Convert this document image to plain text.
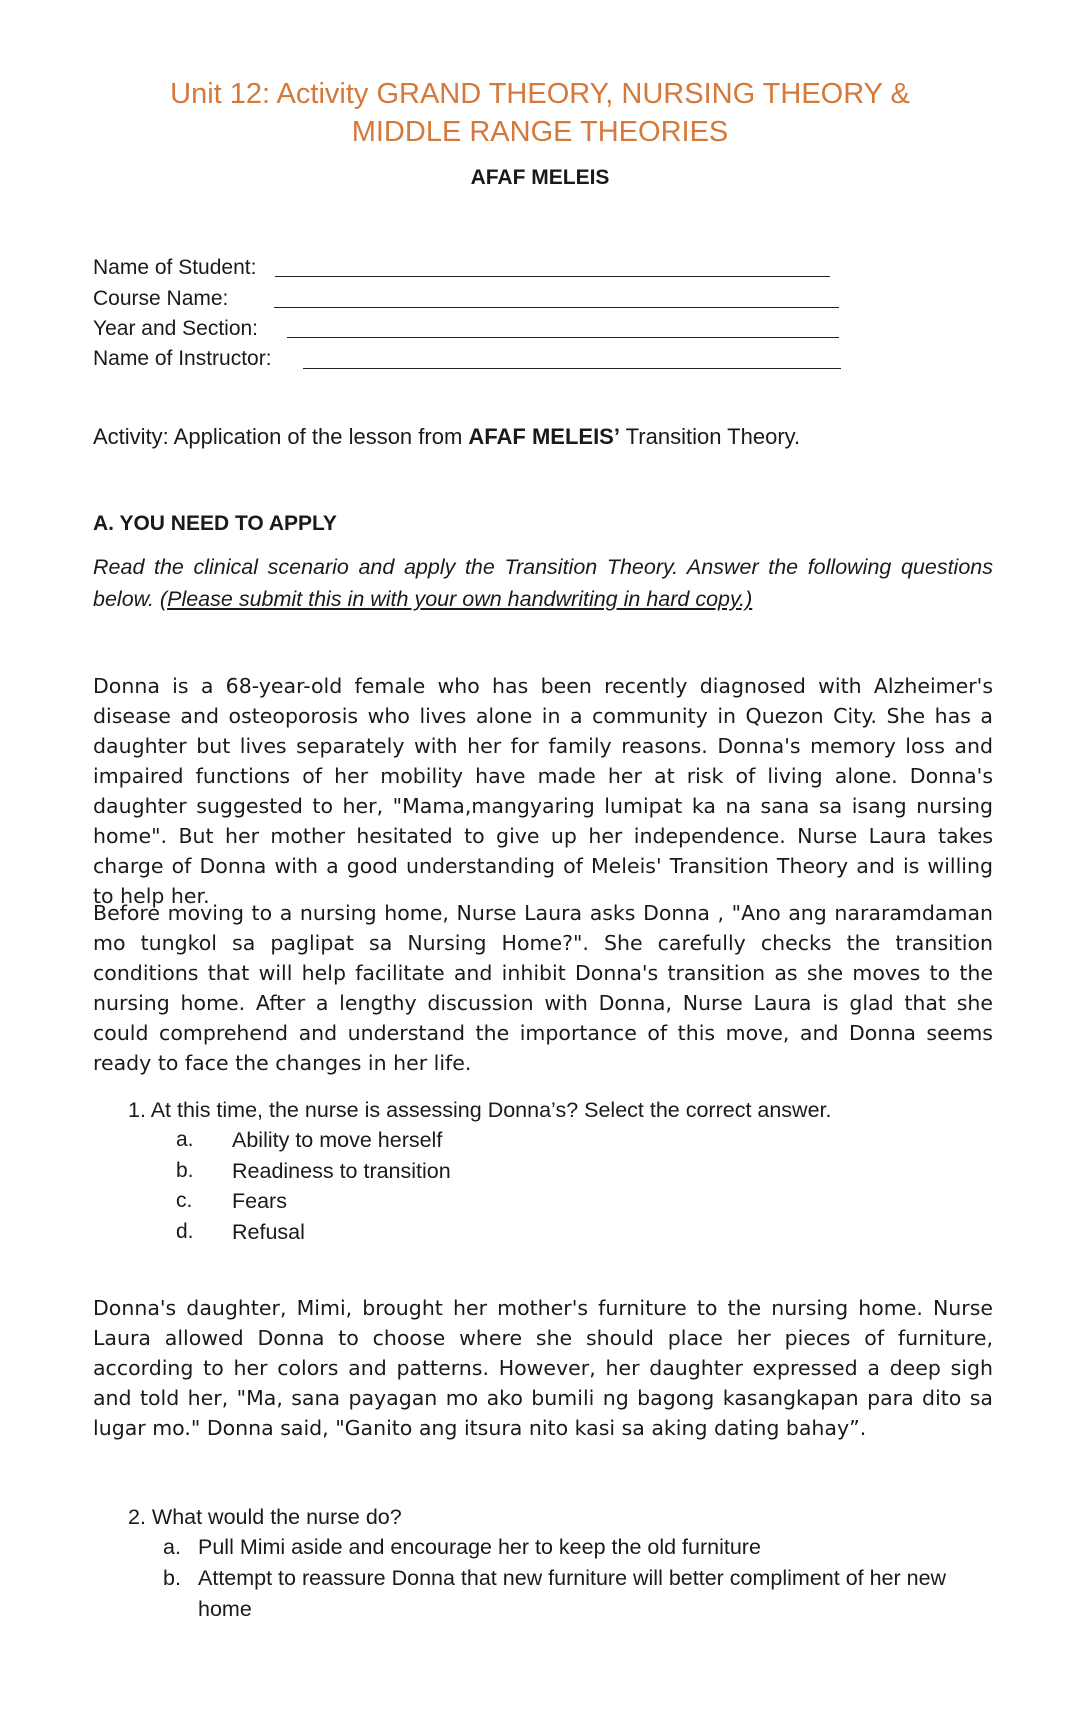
Unit 12: Activity GRAND THEORY, NURSING THEORY &
MIDDLE RANGE THEORIES
AFAF MELEIS
Name of Student:
Course Name:
Year and Section:
Name of Instructor:
Activity: Application of the lesson from AFAF MELEIS’ Transition Theory.
A. YOU NEED TO APPLY
Read the clinical scenario and apply the Transition Theory. Answer the following questions below. (Please submit this in with your own handwriting in hard copy.)
Donna is a 68-year-old female who has been recently diagnosed with Alzheimer's disease and osteoporosis who lives alone in a community in Quezon City. She has a daughter but lives separately with her for family reasons. Donna's memory loss and impaired functions of her mobility have made her at risk of living alone. Donna's daughter suggested to her, "Mama,mangyaring lumipat ka na sana sa isang nursing home". But her mother hesitated to give up her independence. Nurse Laura takes charge of Donna with a good understanding of Meleis' Transition Theory and is willing to help her.
Before moving to a nursing home, Nurse Laura asks Donna , "Ano ang nararamdaman mo tungkol sa paglipat sa Nursing Home?". She carefully checks the transition conditions that will help facilitate and inhibit Donna's transition as she moves to the nursing home. After a lengthy discussion with Donna, Nurse Laura is glad that she could comprehend and understand the importance of this move, and Donna seems ready to face the changes in her life.
1. At this time, the nurse is assessing Donna’s? Select the correct answer.
a. Ability to move herself
b. Readiness to transition
c. Fears
d. Refusal
Donna's daughter, Mimi, brought her mother's furniture to the nursing home. Nurse Laura allowed Donna to choose where she should place her pieces of furniture, according to her colors and patterns. However, her daughter expressed a deep sigh and told her, "Ma, sana payagan mo ako bumili ng bagong kasangkapan para dito sa lugar mo." Donna said, "Ganito ang itsura nito kasi sa aking dating bahay”.
2. What would the nurse do?
a. Pull Mimi aside and encourage her to keep the old furniture
b. Attempt to reassure Donna that new furniture will better compliment of her new home
